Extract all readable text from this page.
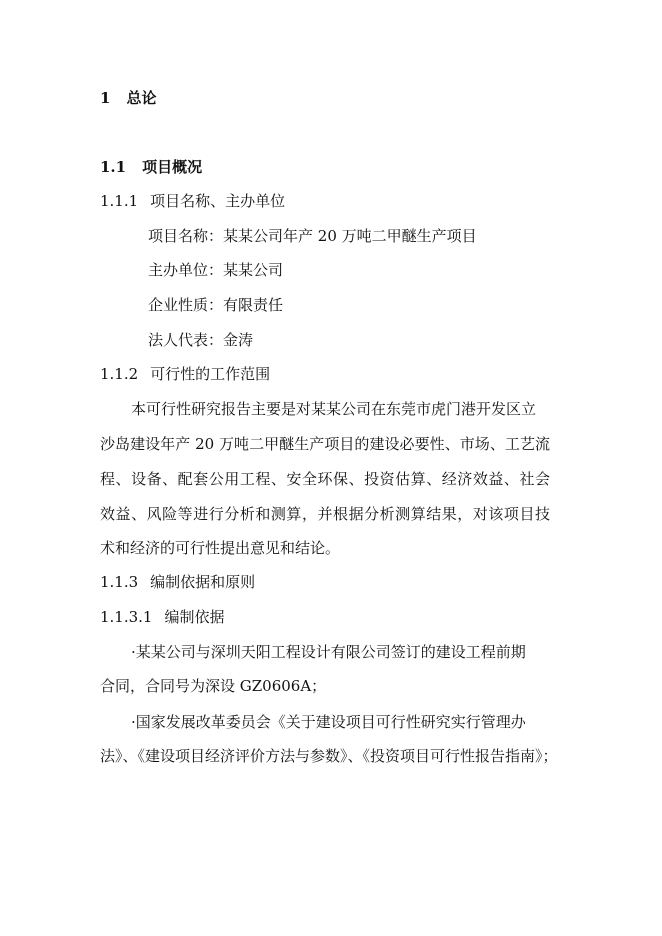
1 总论
1.1 项目概况
1.1.1 项目名称、主办单位
项目名称：某某公司年产 20 万吨二甲醚生产项目
主办单位：某某公司
企业性质：有限责任
法人代表：金涛
1.1.2 可行性的工作范围
本可行性研究报告主要是对某某公司在东莞市虎门港开发区立
沙岛建设年产 20 万吨二甲醚生产项目的建设必要性、市场、工艺流
程、设备、配套公用工程、安全环保、投资估算、经济效益、社会
效益、风险等进行分析和测算，并根据分析测算结果，对该项目技
术和经济的可行性提出意见和结论。
1.1.3 编制依据和原则
1.1.3.1 编制依据
·某某公司与深圳天阳工程设计有限公司签订的建设工程前期
合同，合同号为深设 GZ0606A；
·国家发展改革委员会《关于建设项目可行性研究实行管理办
法》、《建设项目经济评价方法与参数》、《投资项目可行性报告指南》；
